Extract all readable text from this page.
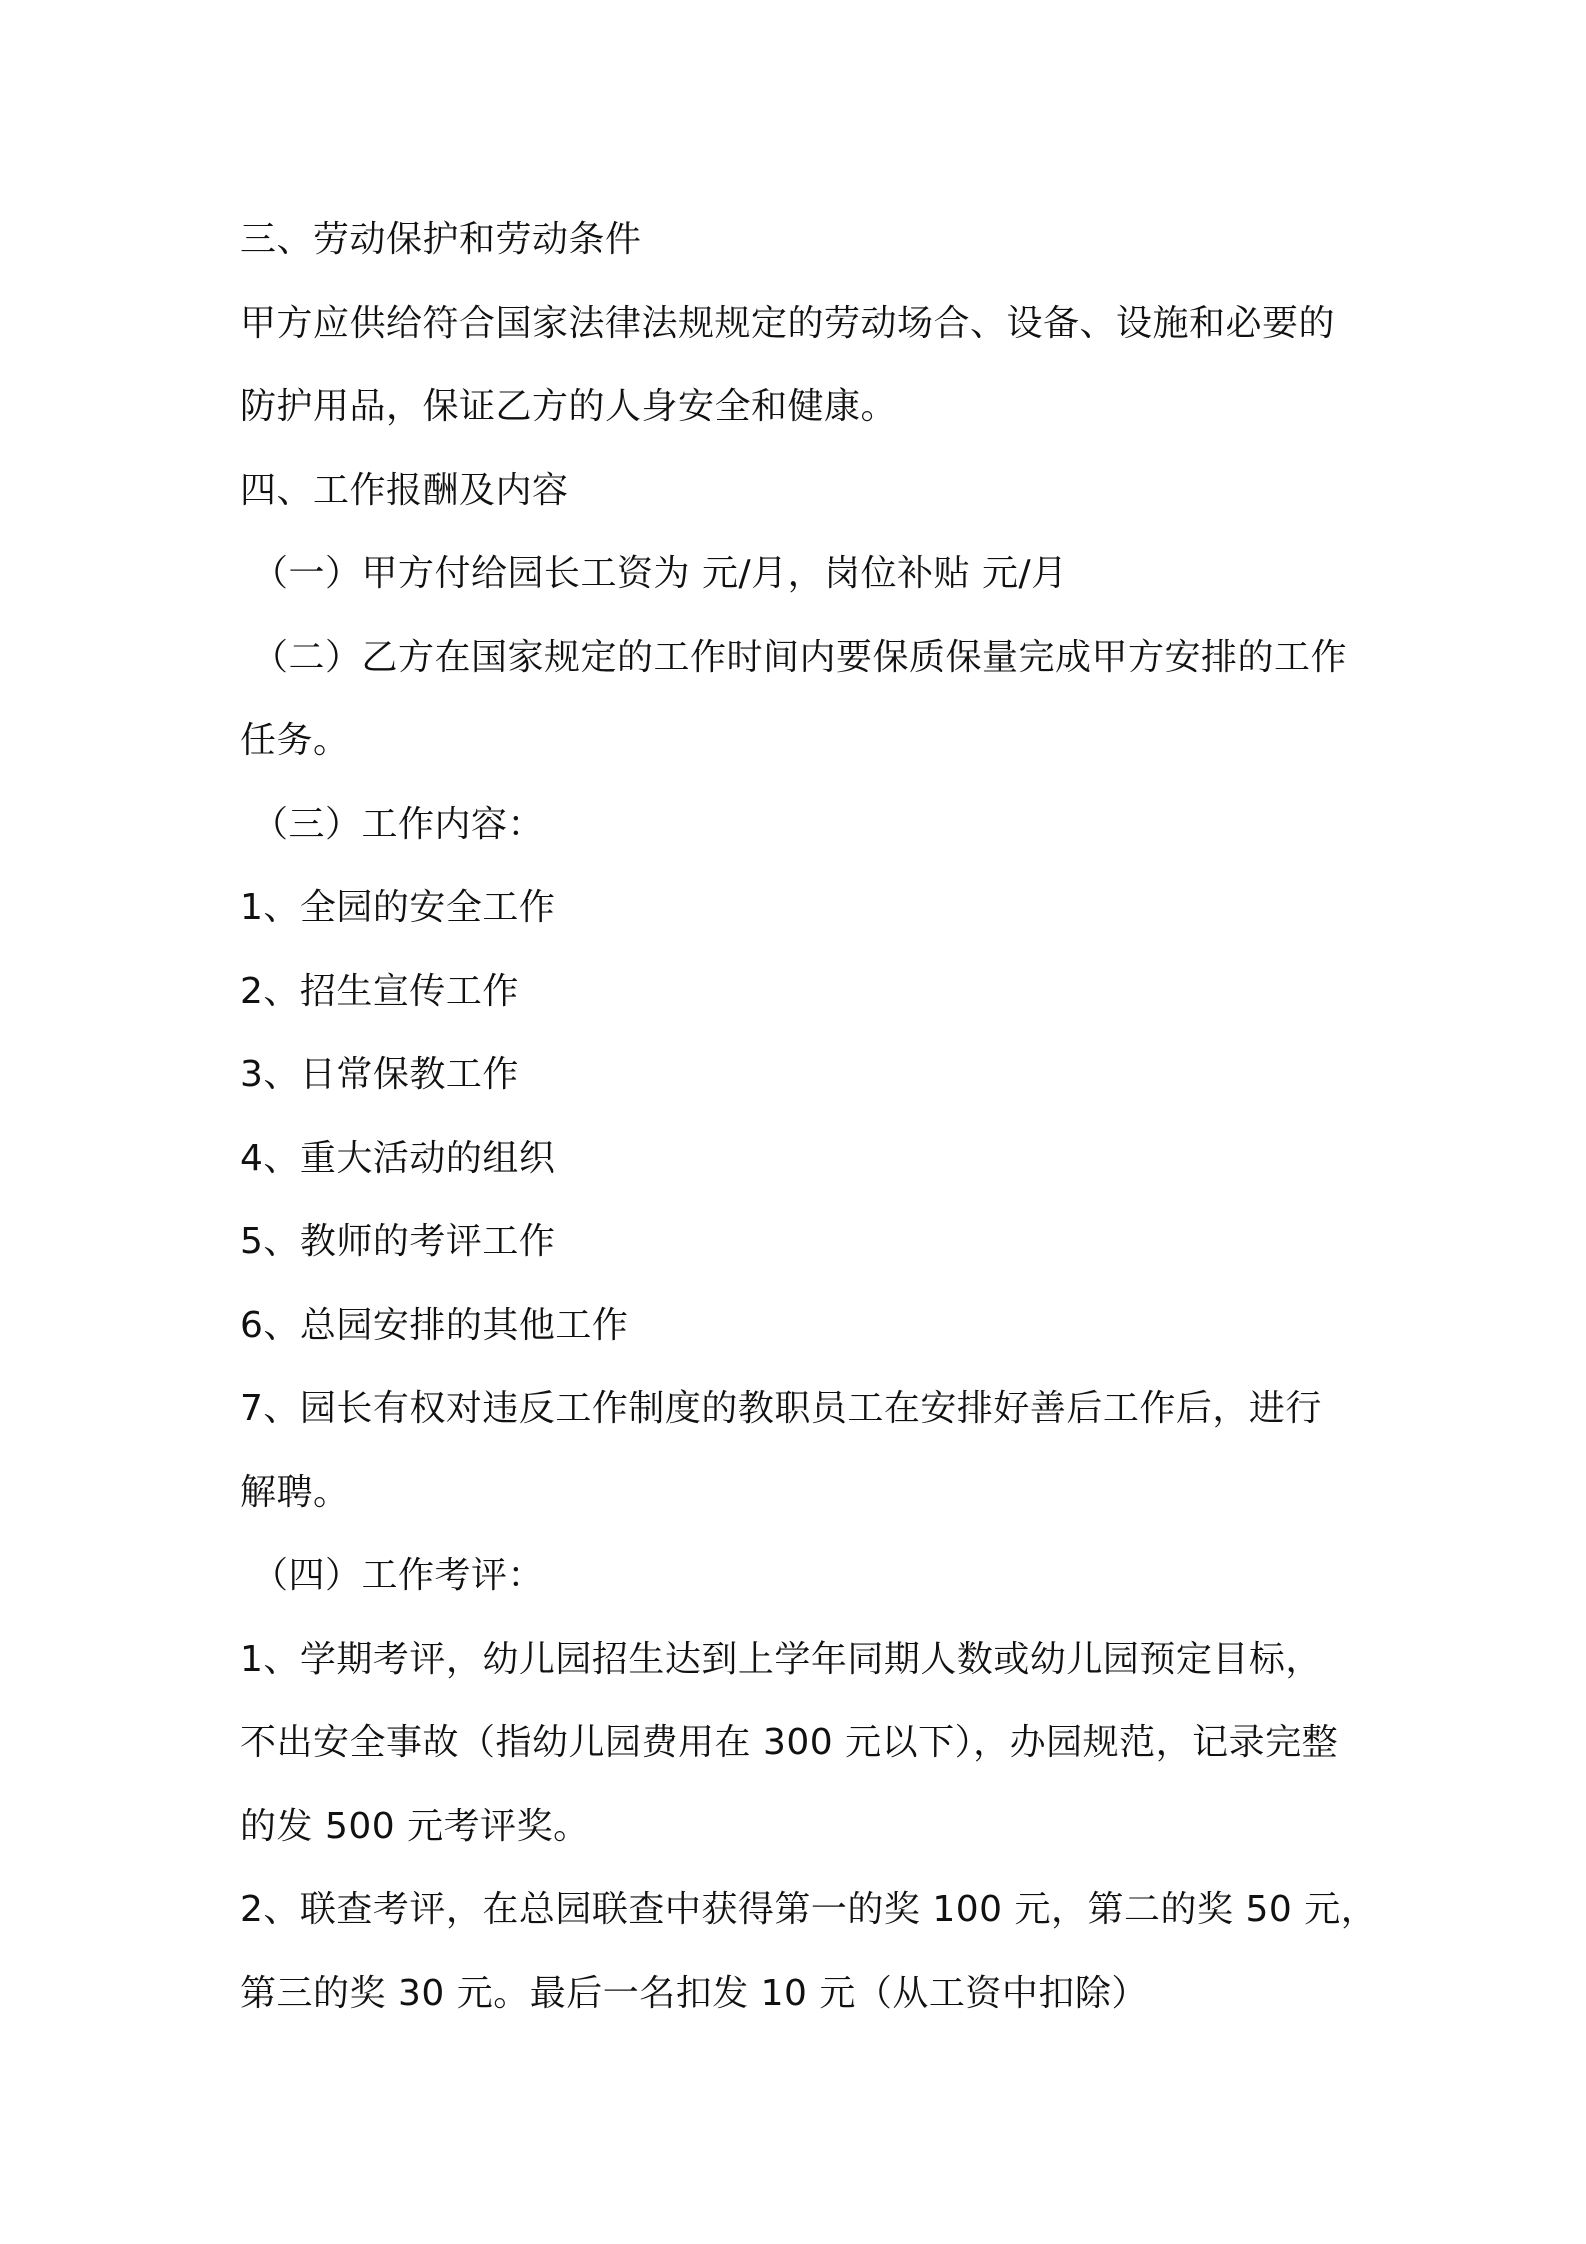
三、劳动保护和劳动条件
甲方应供给符合国家法律法规规定的劳动场合、设备、设施和必要的
防护用品，保证乙方的人身安全和健康。
四、工作报酬及内容
（一）甲方付给园长工资为 元/月，岗位补贴 元/月
（二）乙方在国家规定的工作时间内要保质保量完成甲方安排的工作
任务。
（三）工作内容：
1、全园的安全工作
2、招生宣传工作
3、日常保教工作
4、重大活动的组织
5、教师的考评工作
6、总园安排的其他工作
7、园长有权对违反工作制度的教职员工在安排好善后工作后，进行
解聘。
（四）工作考评：
1、学期考评，幼儿园招生达到上学年同期人数或幼儿园预定目标，
不出安全事故（指幼儿园费用在 300 元以下），办园规范，记录完整
的发 500 元考评奖。
2、联查考评，在总园联查中获得第一的奖 100 元，第二的奖 50 元，
第三的奖 30 元。最后一名扣发 10 元（从工资中扣除）
